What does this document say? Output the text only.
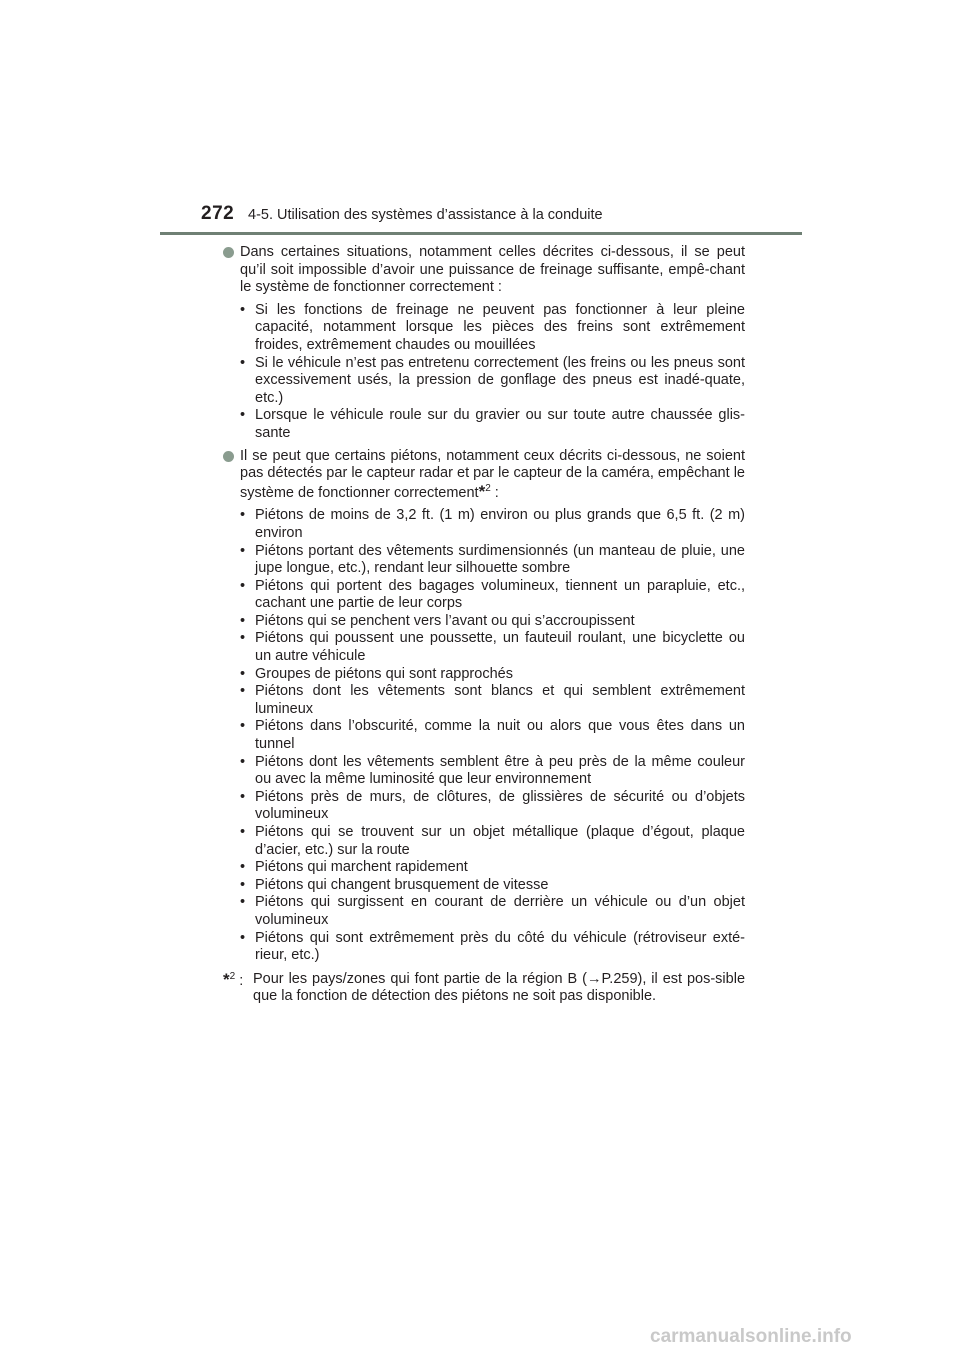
272 4-5. Utilisation des systèmes d’assistance à la conduite
Dans certaines situations, notamment celles décrites ci-dessous, il se peut qu’il soit impossible d’avoir une puissance de freinage suffisante, empê-chant le système de fonctionner correctement :
• Si les fonctions de freinage ne peuvent pas fonctionner à leur pleine capacité, notamment lorsque les pièces des freins sont extrêmement froides, extrêmement chaudes ou mouillées
• Si le véhicule n’est pas entretenu correctement (les freins ou les pneus sont excessivement usés, la pression de gonflage des pneus est inadé-quate, etc.)
• Lorsque le véhicule roule sur du gravier ou sur toute autre chaussée glis-sante
Il se peut que certains piétons, notamment ceux décrits ci-dessous, ne soient pas détectés par le capteur radar et par le capteur de la caméra, empêchant le système de fonctionner correctement*$^2$ :
• Piétons de moins de 3,2 ft. (1 m) environ ou plus grands que 6,5 ft. (2 m) environ
• Piétons portant des vêtements surdimensionnés (un manteau de pluie, une jupe longue, etc.), rendant leur silhouette sombre
• Piétons qui portent des bagages volumineux, tiennent un parapluie, etc., cachant une partie de leur corps
• Piétons qui se penchent vers l’avant ou qui s’accroupissent
• Piétons qui poussent une poussette, un fauteuil roulant, une bicyclette ou un autre véhicule
• Groupes de piétons qui sont rapprochés
• Piétons dont les vêtements sont blancs et qui semblent extrêmement lumineux
• Piétons dans l’obscurité, comme la nuit ou alors que vous êtes dans un tunnel
• Piétons dont les vêtements semblent être à peu près de la même couleur ou avec la même luminosité que leur environnement
• Piétons près de murs, de clôtures, de glissières de sécurité ou d’objets volumineux
• Piétons qui se trouvent sur un objet métallique (plaque d’égout, plaque d’acier, etc.) sur la route
• Piétons qui marchent rapidement
• Piétons qui changent brusquement de vitesse
• Piétons qui surgissent en courant de derrière un véhicule ou d’un objet volumineux
• Piétons qui sont extrêmement près du côté du véhicule (rétroviseur exté-rieur, etc.)
*$^2$ : Pour les pays/zones qui font partie de la région B (→P.259), il est pos-sible que la fonction de détection des piétons ne soit pas disponible.
carmanualsonline.info
